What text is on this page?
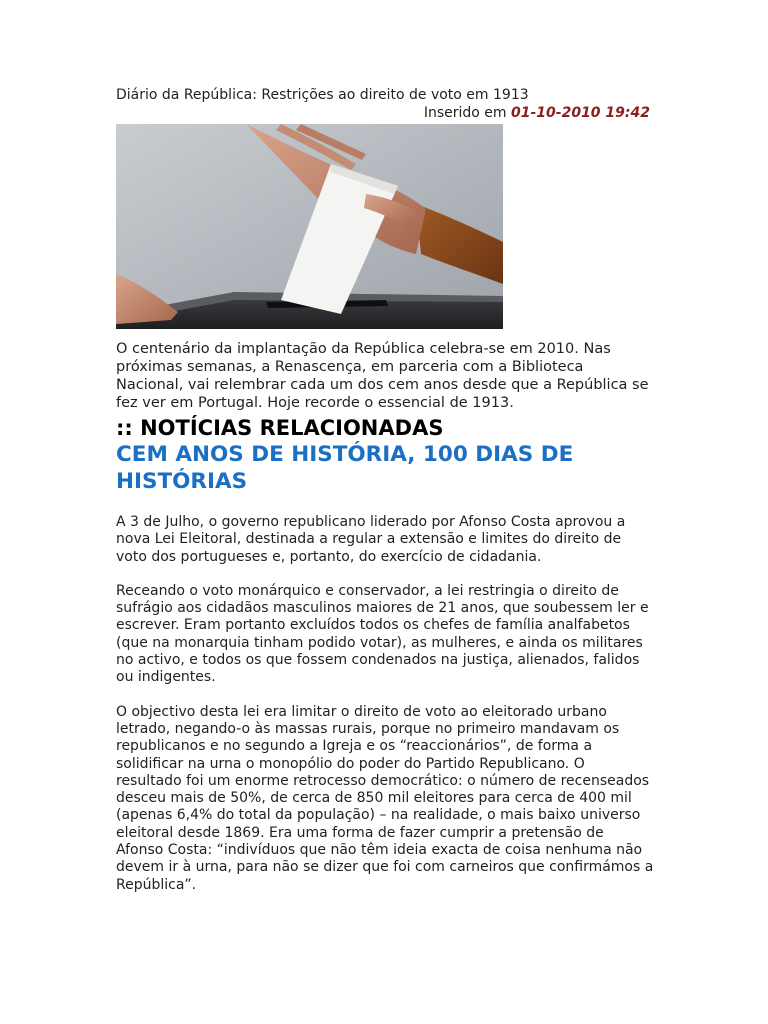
Diário da República: Restrições ao direito de voto em 1913
Inserido em 01-10-2010 19:42
O centenário da implantação da República celebra-se em 2010. Nas próximas semanas, a Renascença, em parceria com a Biblioteca Nacional, vai relembrar cada um dos cem anos desde que a República se fez ver em Portugal. Hoje recorde o essencial de 1913.
:: NOTÍCIAS RELACIONADAS
CEM ANOS DE HISTÓRIA, 100 DIAS DE HISTÓRIAS

A 3 de Julho, o governo republicano liderado por Afonso Costa aprovou a nova Lei Eleitoral, destinada a regular a extensão e limites do direito de voto dos portugueses e, portanto, do exercício de cidadania.

Receando o voto monárquico e conservador, a lei restringia o direito de sufrágio aos cidadãos masculinos maiores de 21 anos, que soubessem ler e escrever. Eram portanto excluídos todos os chefes de família analfabetos (que na monarquia tinham podido votar), as mulheres, e ainda os militares no activo, e todos os que fossem condenados na justiça, alienados, falidos ou indigentes.

O objectivo desta lei era limitar o direito de voto ao eleitorado urbano letrado, negando-o às massas rurais, porque no primeiro mandavam os republicanos e no segundo a Igreja e os “reaccionários”, de forma a solidificar na urna o monopólio do poder do Partido Republicano. O resultado foi um enorme retrocesso democrático: o número de recenseados desceu mais de 50%, de cerca de 850 mil eleitores para cerca de 400 mil (apenas 6,4% do total da população) – na realidade, o mais baixo universo eleitoral desde 1869. Era uma forma de fazer cumprir a pretensão de Afonso Costa: “indivíduos que não têm ideia exacta de coisa nenhuma não devem ir à urna, para não se dizer que foi com carneiros que confirmámos a República”.
